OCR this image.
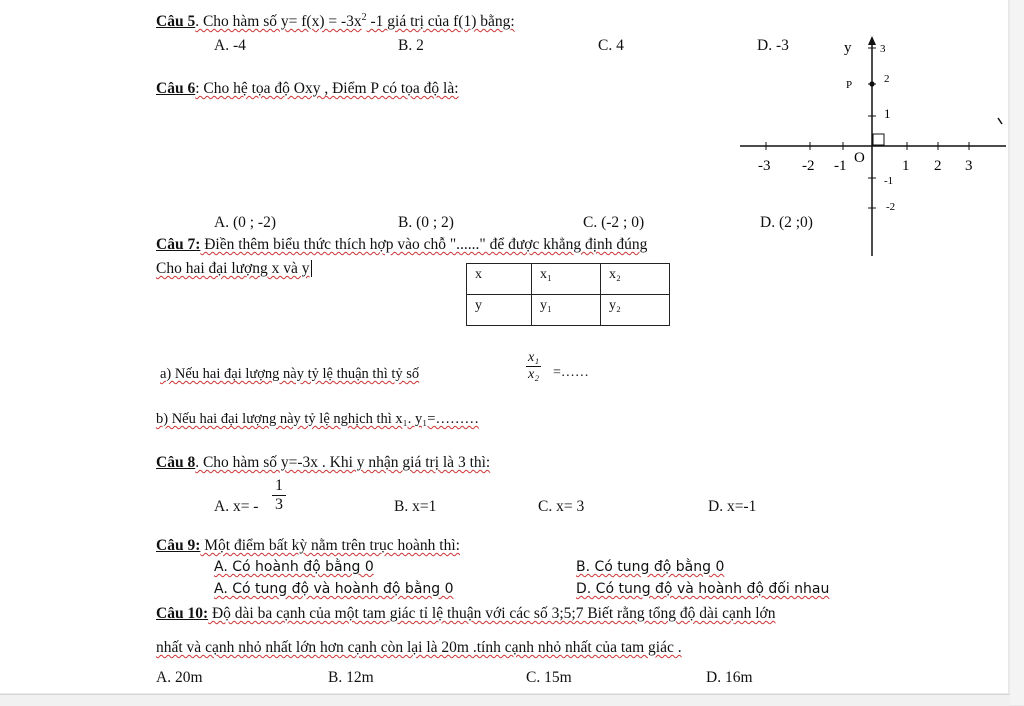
Câu 5. Cho hàm số $y= f(x) = -3x^2$ -1 giá trị của f(1) bằng:
A. -4	B. 2	C. 4	D. -3
Câu 6: Cho hệ tọa độ Oxy , Điểm P có tọa độ là:
y
P
O
-3 -2 -1	1 2 3
3
2
1
-1
-2
A. (0 ; -2)	B. (0 ; 2)	C. (-2 ; 0)	D. (2 ;0)
Câu 7: Điền thêm biểu thức thích hợp vào chỗ "......" để được khẳng định đúng
Cho hai đại lượng x và y	x	x₁	x₂
y	y₁	y₂
a) Nếu hai đại lượng này tỷ lệ thuận thì tỷ số	$\frac{\text{x₁}}{\text{x₂}}$ =……
b) Nếu hai đại lượng này tỷ lệ nghịch thì x₁. y₁=………
Câu 8. Cho hàm số y=-3x . Khi y nhận giá trị là 3 thì:
A. $x= - \frac{1}{3}$	B. x=1	C. x= 3	D. x=-1
Câu 9: Một điểm bất kỳ nằm trên trục hoành thì:
A. Có hoành độ bằng 0	B. Có tung độ bằng 0
A. Có tung độ và hoành độ bằng 0	D. Có tung độ và hoành độ đối nhau
Câu 10: Độ dài ba cạnh của một tam giác tỉ lệ thuận với các số 3;5;7 Biết rằng tổng độ dài cạnh lớn
nhất và cạnh nhỏ nhất lớn hơn cạnh còn lại là 20m .tính cạnh nhỏ nhất của tam giác .
A. 20m	B. 12m	C. 15m	D. 16m
